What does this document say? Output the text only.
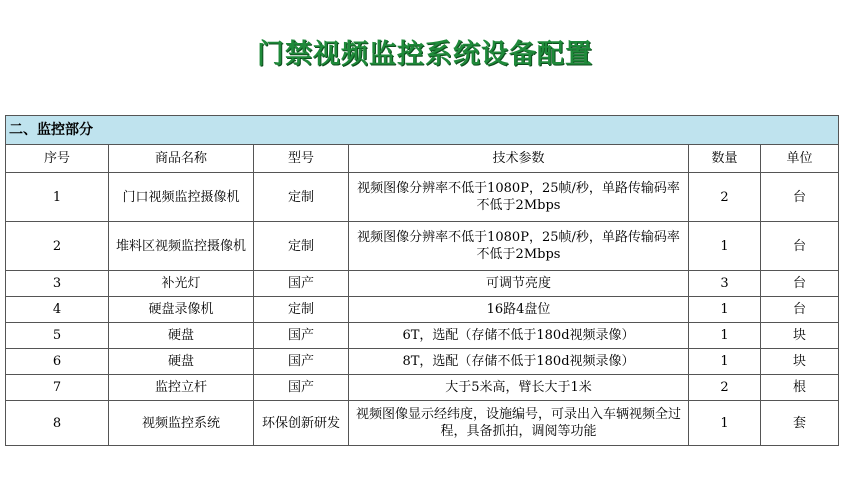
门禁视频监控系统设备配置
二、监控部分					
序号	商品名称	型号	技术参数	数量	单位
1	门口视频监控摄像机	定制	视频图像分辨率不低于1080P，25帧/秒，单路传输码率不低于2Mbps	2	台
2	堆料区视频监控摄像机	定制	视频图像分辨率不低于1080P，25帧/秒，单路传输码率不低于2Mbps	1	台
3	补光灯	国产	可调节亮度	3	台
4	硬盘录像机	定制	16路4盘位	1	台
5	硬盘	国产	6T，选配（存储不低于180d视频录像）	1	块
6	硬盘	国产	8T，选配（存储不低于180d视频录像）	1	块
7	监控立杆	国产	大于5米高，臂长大于1米	2	根
8	视频监控系统	环保创新研发	视频图像显示经纬度，设施编号，可录出入车辆视频全过程，具备抓拍，调阅等功能	1	套
